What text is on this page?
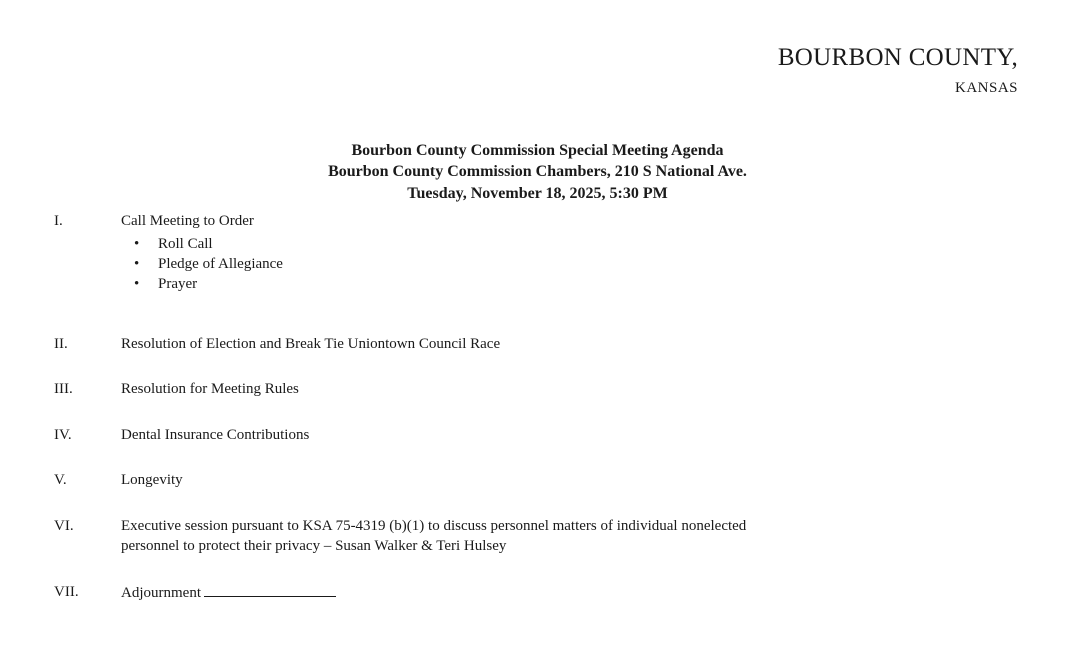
BOURBON COUNTY,
KANSAS
Bourbon County Commission Special Meeting Agenda
Bourbon County Commission Chambers, 210 S National Ave.
Tuesday, November 18, 2025, 5:30 PM
I.	Call Meeting to Order
• Roll Call
• Pledge of Allegiance
• Prayer
II.	Resolution of Election and Break Tie Uniontown Council Race
III.	Resolution for Meeting Rules
IV.	Dental Insurance Contributions
V.	Longevity
VI.	Executive session pursuant to KSA 75-4319 (b)(1) to discuss personnel matters of individual nonelected
personnel to protect their privacy – Susan Walker & Teri Hulsey
VII.	Adjournment
